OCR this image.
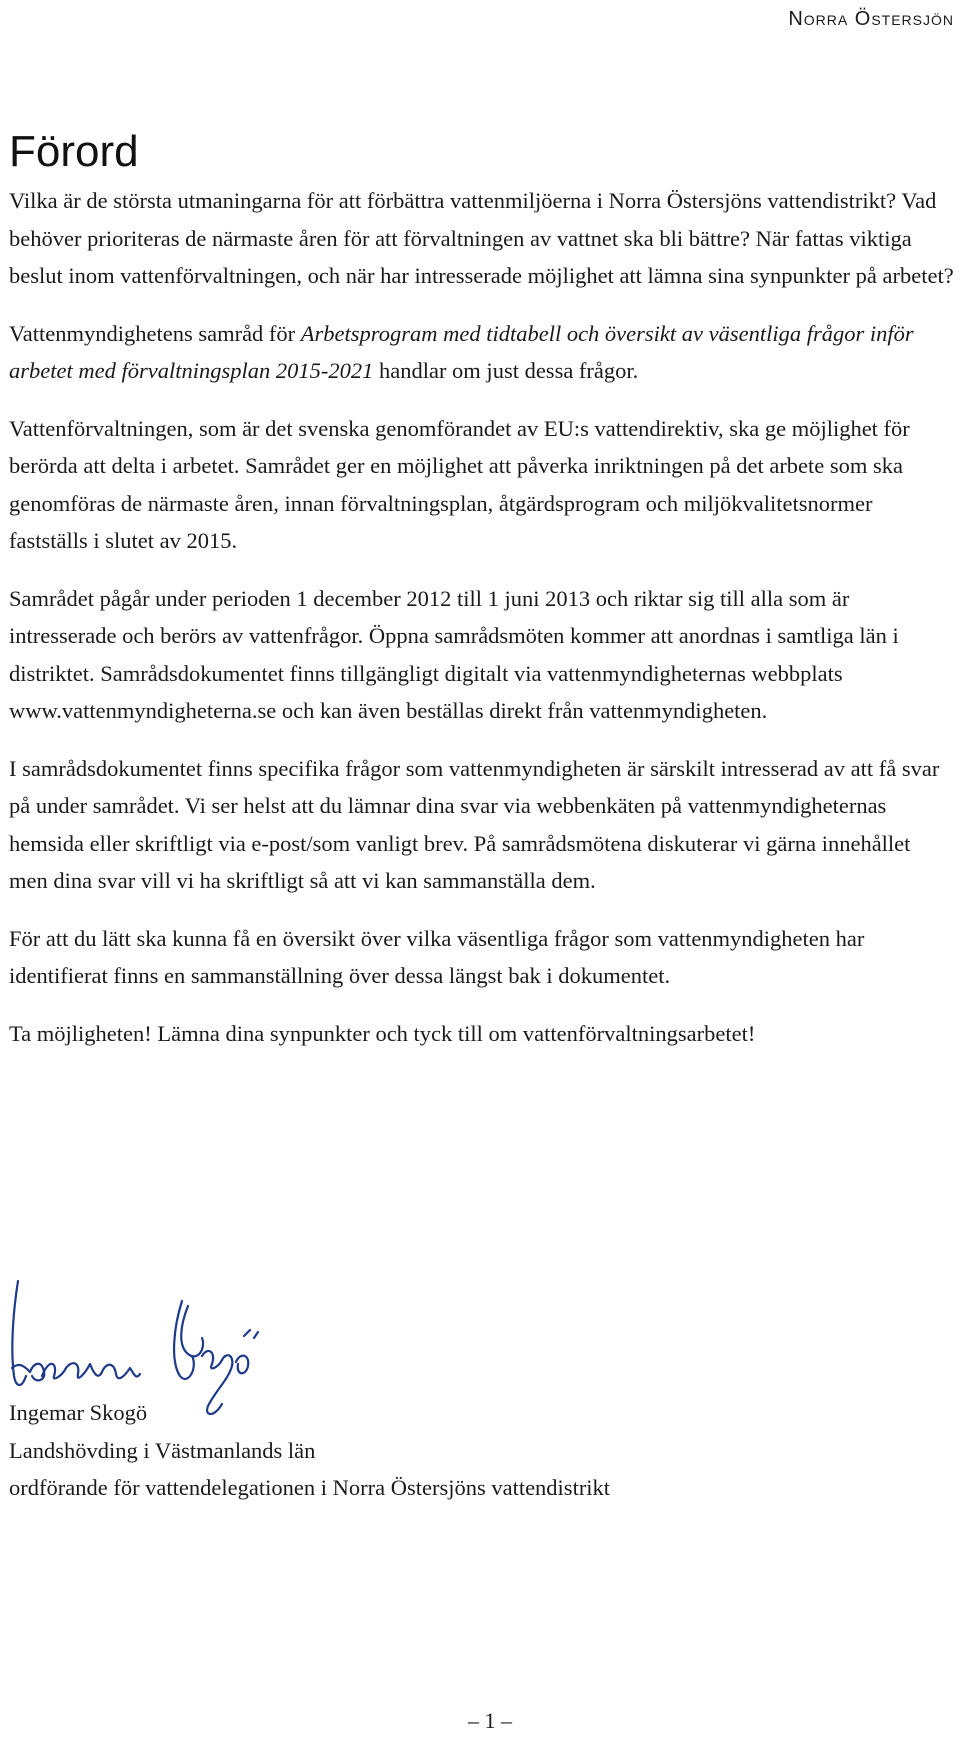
Norra Östersjön
Förord

Vilka är de största utmaningarna för att förbättra vattenmiljöerna i Norra Östersjöns vattendistrikt? Vad behöver prioriteras de närmaste åren för att förvaltningen av vattnet ska bli bättre? När fattas viktiga beslut inom vattenförvaltningen, och när har intresserade möjlighet att lämna sina synpunkter på arbetet?

Vattenmyndighetens samråd för Arbetsprogram med tidtabell och översikt av väsentliga frågor inför arbetet med förvaltningsplan 2015-2021 handlar om just dessa frågor.

Vattenförvaltningen, som är det svenska genomförandet av EU:s vattendirektiv, ska ge möjlighet för berörda att delta i arbetet. Samrådet ger en möjlighet att påverka inriktningen på det arbete som ska genomföras de närmaste åren, innan förvaltningsplan, åtgärdsprogram och miljökvalitetsnormer fastställs i slutet av 2015.

Samrådet pågår under perioden 1 december 2012 till 1 juni 2013 och riktar sig till alla som är intresserade och berörs av vattenfrågor. Öppna samrådsmöten kommer att anordnas i samtliga län i distriktet. Samrådsdokumentet finns tillgängligt digitalt via vattenmyndigheternas webbplats www.vattenmyndigheterna.se och kan även beställas direkt från vattenmyndigheten.

I samrådsdokumentet finns specifika frågor som vattenmyndigheten är särskilt intresserad av att få svar på under samrådet. Vi ser helst att du lämnar dina svar via webbenkäten på vattenmyndigheternas hemsida eller skriftligt via e-post/som vanligt brev. På samrådsmötena diskuterar vi gärna innehållet men dina svar vill vi ha skriftligt så att vi kan sammanställa dem.

För att du lätt ska kunna få en översikt över vilka väsentliga frågor som vattenmyndigheten har identifierat finns en sammanställning över dessa längst bak i dokumentet.

Ta möjligheten! Lämna dina synpunkter och tyck till om vattenförvaltningsarbetet!

Ingemar Skogö
Landshövding i Västmanlands län
ordförande för vattendelegationen i Norra Östersjöns vattendistrikt
– 1 –
